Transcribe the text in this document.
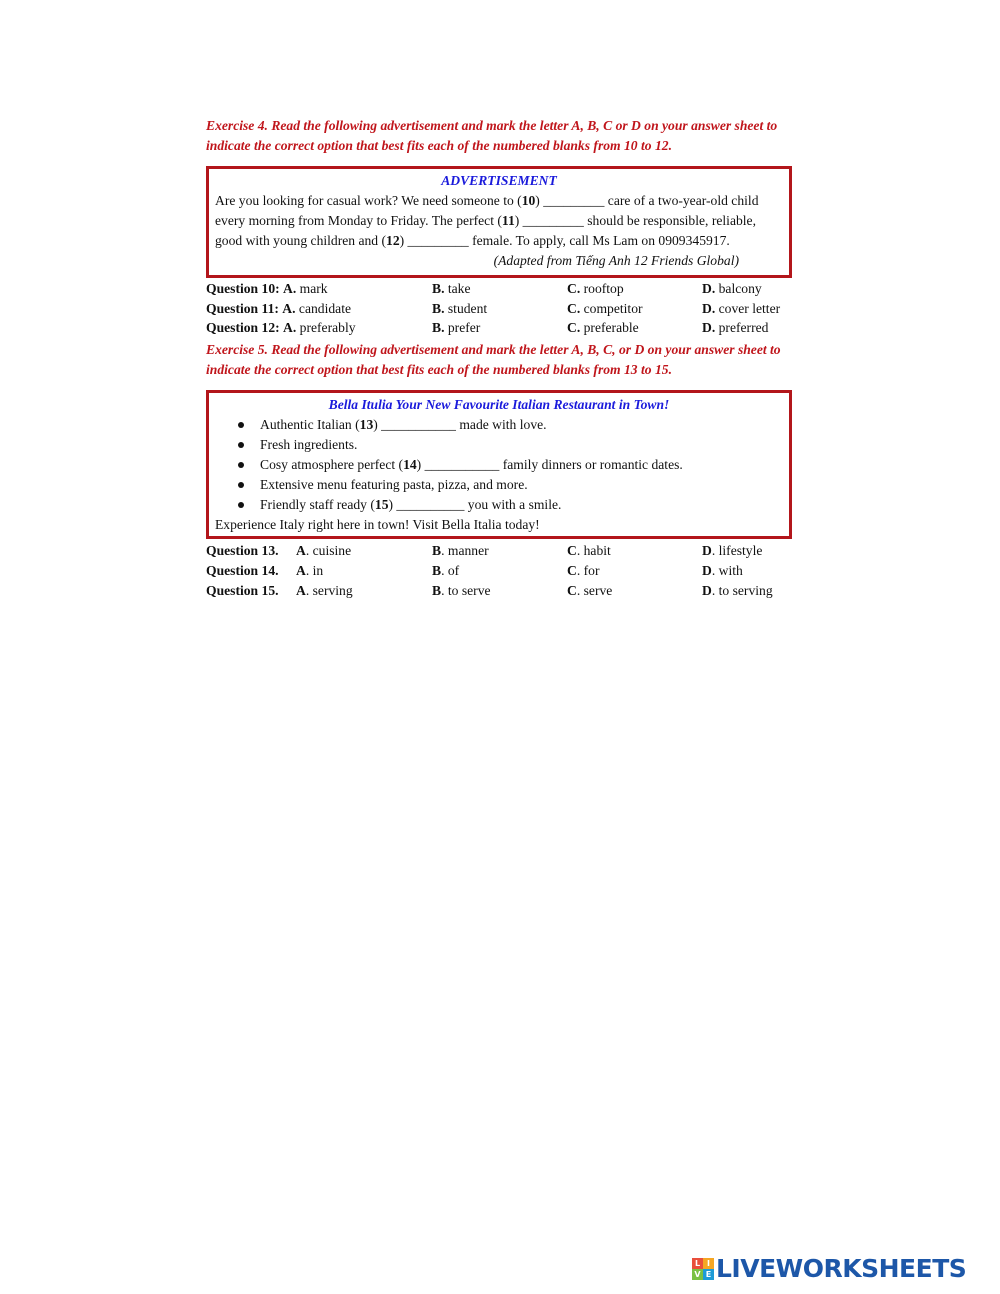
Exercise 4. Read the following advertisement and mark the letter A, B, C or D on your answer sheet to indicate the correct option that best fits each of the numbered blanks from 10 to 12.

ADVERTISEMENT

Are you looking for casual work? We need someone to (10) _________ care of a two-year-old child every morning from Monday to Friday. The perfect (11) _________ should be responsible, reliable, good with young children and (12) _________ female. To apply, call Ms Lam on 0909345917.

(Adapted from Tiếng Anh 12 Friends Global)
Question 10: A. mark	B. take	C. rooftop	D. balcony
Question 11: A. candidate	B. student	C. competitor	D. cover letter
Question 12: A. preferably	B. prefer	C. preferable	D. preferred

Exercise 5. Read the following advertisement and mark the letter A, B, C, or D on your answer sheet to indicate the correct option that best fits each of the numbered blanks from 13 to 15.

Bella Itulia Your New Favourite Italian Restaurant in Town!
Authentic Italian (13) ___________ made with love.
Fresh ingredients.
Cosy atmosphere perfect (14) ___________ family dinners or romantic dates.
Extensive menu featuring pasta, pizza, and more.
Friendly staff ready (15) __________ you with a smile.

Experience Italy right here in town! Visit Bella Italia today!

Question 13. A. cuisine	B. manner	C. habit	D. lifestyle
Question 14. A. in	B. of	C. for	D. with
Question 15. A. serving	B. to serve	C. serve	D. to serving
L I
V E LIVEWORKSHEETS
